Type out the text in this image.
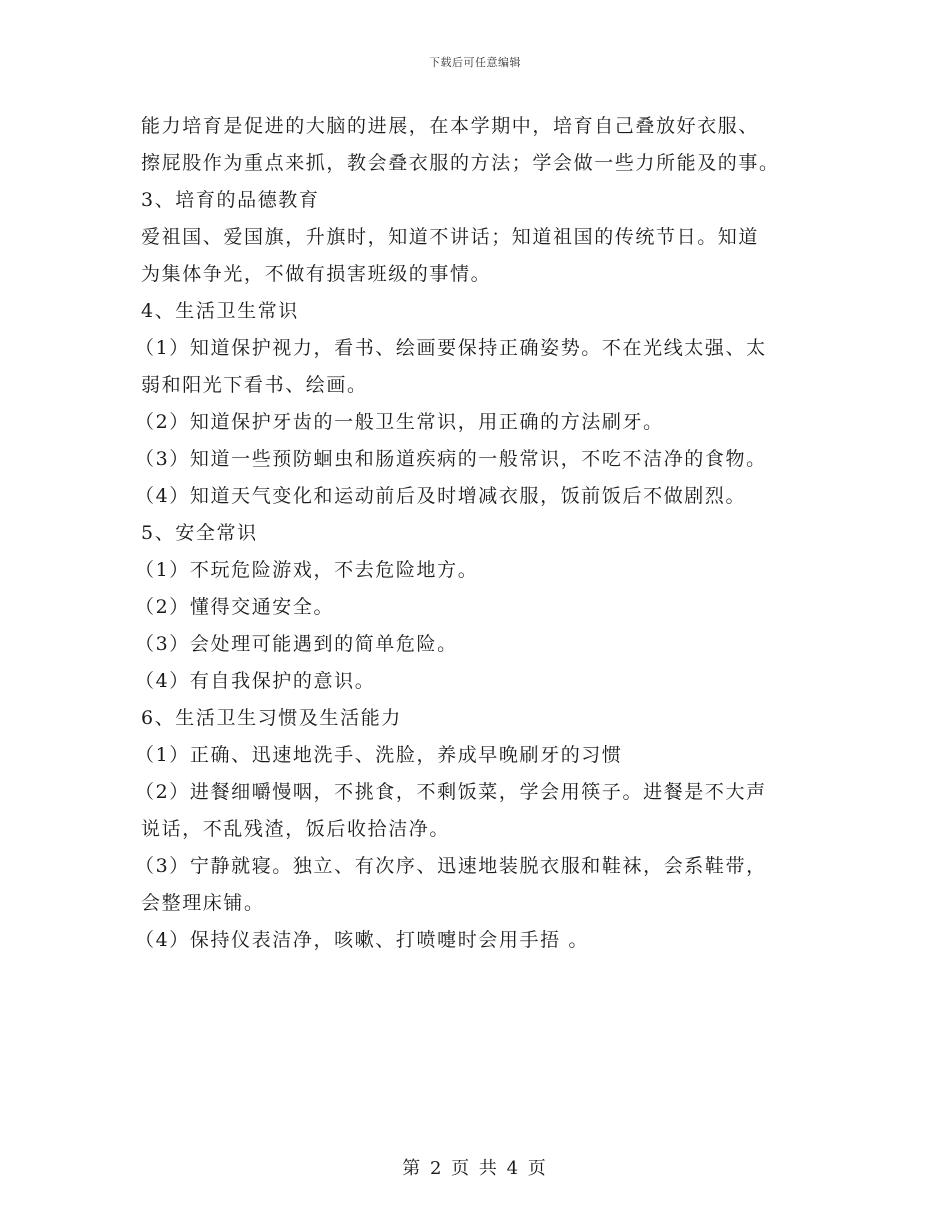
下载后可任意编辑
能力培育是促进的大脑的进展，在本学期中，培育自己叠放好衣服、
擦屁股作为重点来抓，教会叠衣服的方法；学会做一些力所能及的事。
3、培育的品德教育
爱祖国、爱国旗，升旗时，知道不讲话；知道祖国的传统节日。知道
为集体争光，不做有损害班级的事情。
4、生活卫生常识
（1）知道保护视力，看书、绘画要保持正确姿势。不在光线太强、太
弱和阳光下看书、绘画。
（2）知道保护牙齿的一般卫生常识，用正确的方法刷牙。
（3）知道一些预防蛔虫和肠道疾病的一般常识，不吃不洁净的食物。
（4）知道天气变化和运动前后及时增减衣服，饭前饭后不做剧烈。
5、安全常识
（1）不玩危险游戏，不去危险地方。
（2）懂得交通安全。
（3）会处理可能遇到的简单危险。
（4）有自我保护的意识。
6、生活卫生习惯及生活能力
（1）正确、迅速地洗手、洗脸，养成早晚刷牙的习惯
（2）进餐细嚼慢咽，不挑食，不剩饭菜，学会用筷子。进餐是不大声
说话，不乱残渣，饭后收拾洁净。
（3）宁静就寝。独立、有次序、迅速地装脱衣服和鞋袜，会系鞋带，
会整理床铺。
（4）保持仪表洁净，咳嗽、打喷嚏时会用手捂 。
第 2 页 共 4 页
